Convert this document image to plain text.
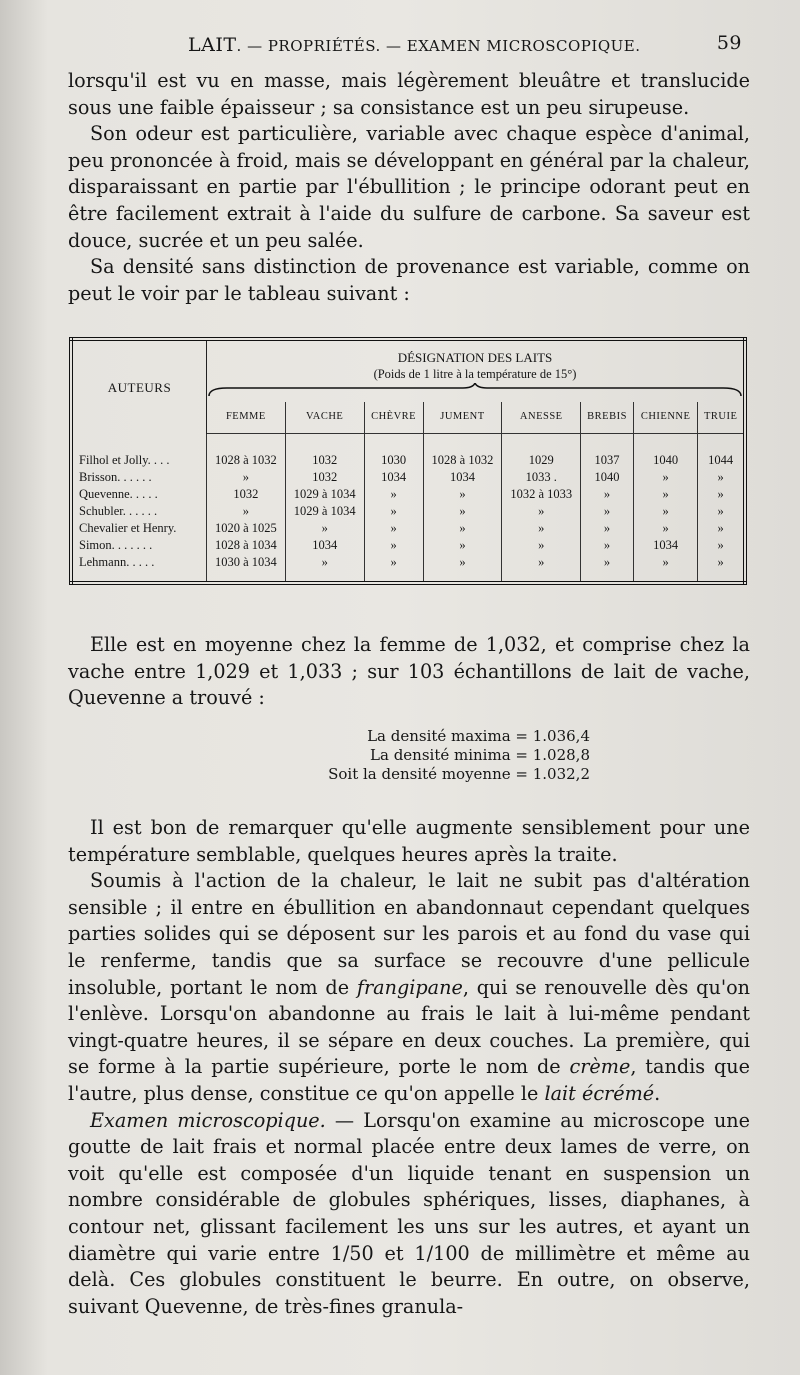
LAIT. — PROPRIÉTÉS. — EXAMEN MICROSCOPIQUE.	59

lorsqu'il est vu en masse, mais légèrement bleuâtre et translucide sous une faible épaisseur ; sa consistance est un peu sirupeuse.

Son odeur est particulière, variable avec chaque espèce d'animal, peu prononcée à froid, mais se développant en général par la chaleur, disparaissant en partie par l'ébullition ; le principe odorant peut en être facilement extrait à l'aide du sulfure de carbone. Sa saveur est douce, sucrée et un peu salée.

Sa densité sans distinction de provenance est variable, comme on peut le voir par le tableau suivant :

AUTEURS	DÉSIGNATION DES LAITS
(Poids de 1 litre à la température de 15°)							

	FEMME	VACHE	CHÈVRE	JUMENT	ANESSE	BREBIS	CHIENNE	TRUIE

Filhol et Jolly. . . .	1028 à 1032	1032	1030	1028 à 1032	1029	1037	1040	1044
Brisson. . . . . .	»	1032	1034	1034	1033 .	1040	»	»
Quevenne. . . . .	1032	1029 à 1034	»	»	1032 à 1033	»	»	»
Schubler. . . . . .	»	1029 à 1034	»	»	»	»	»	»
Chevalier et Henry.	1020 à 1025	»	»	»	»	»	»	»
Simon. . . . . . .	1028 à 1034	1034	»	»	»	»	1034	»
Lehmann. . . . .	1030 à 1034	»	»	»	»	»	»	»

Elle est en moyenne chez la femme de 1,032, et comprise chez la vache entre 1,029 et 1,033 ; sur 103 échantillons de lait de vache, Quevenne a trouvé :

La densité maxima = 1.036,4
La densité minima = 1.028,8
Soit la densité moyenne = 1.032,2

Il est bon de remarquer qu'elle augmente sensiblement pour une température semblable, quelques heures après la traite.

Soumis à l'action de la chaleur, le lait ne subit pas d'altération sensible ; il entre en ébullition en abandonnaut cependant quelques parties solides qui se déposent sur les parois et au fond du vase qui le renferme, tandis que sa surface se recouvre d'une pellicule insoluble, portant le nom de frangipane, qui se renouvelle dès qu'on l'enlève. Lorsqu'on abandonne au frais le lait à lui-même pendant vingt-quatre heures, il se sépare en deux couches. La première, qui se forme à la partie supérieure, porte le nom de crème, tandis que l'autre, plus dense, constitue ce qu'on appelle le lait écrémé.

Examen microscopique. — Lorsqu'on examine au microscope une goutte de lait frais et normal placée entre deux lames de verre, on voit qu'elle est composée d'un liquide tenant en suspension un nombre considérable de globules sphériques, lisses, diaphanes, à contour net, glissant facilement les uns sur les autres, et ayant un diamètre qui varie entre 1/50 et 1/100 de millimètre et même au delà. Ces globules constituent le beurre. En outre, on observe, suivant Quevenne, de très-fines granula-
